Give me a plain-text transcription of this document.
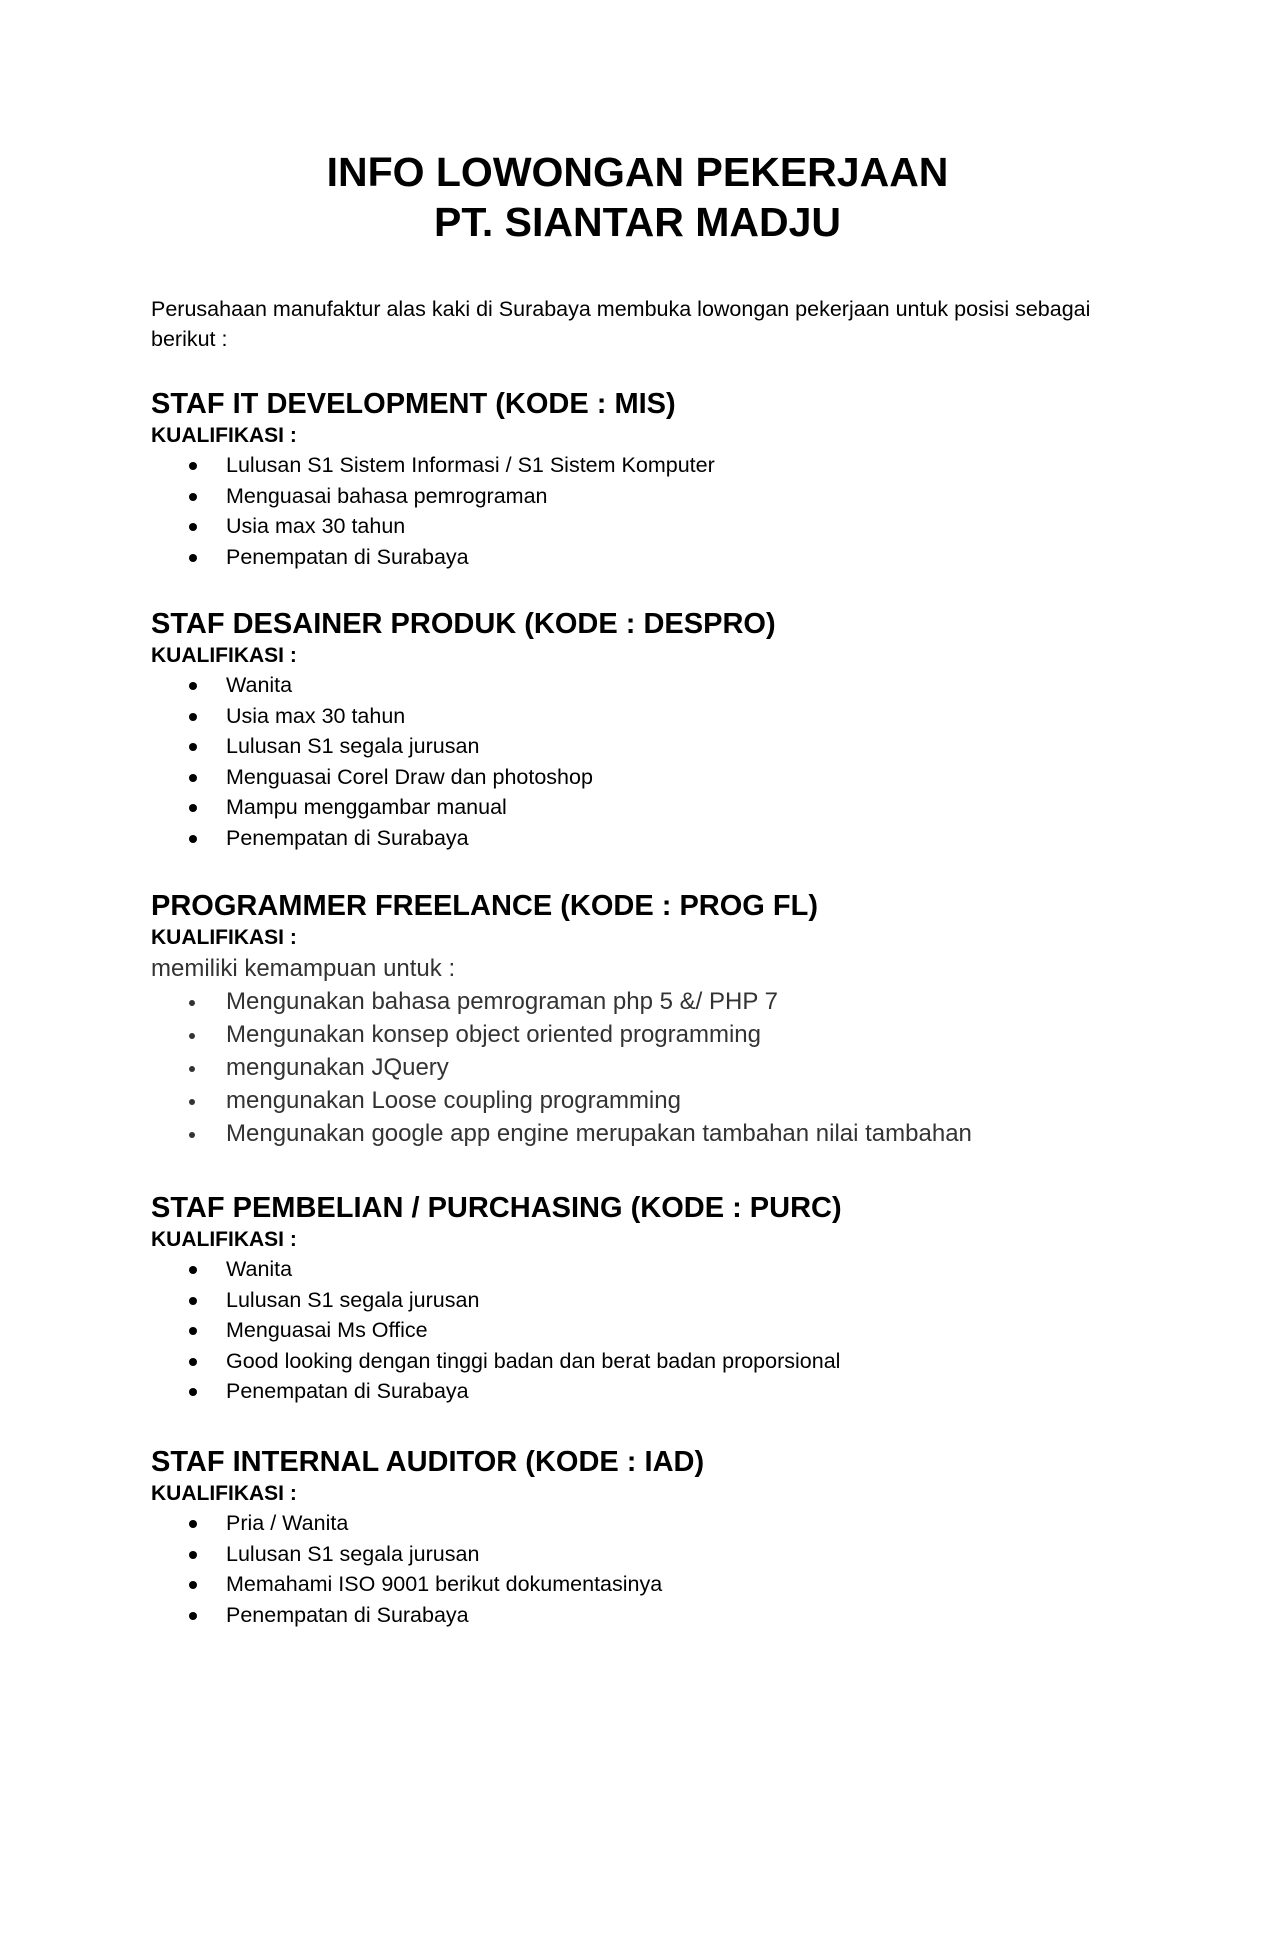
INFO LOWONGAN PEKERJAAN
PT. SIANTAR MADJU

Perusahaan manufaktur alas kaki di Surabaya membuka lowongan pekerjaan untuk posisi sebagai berikut :

STAF IT DEVELOPMENT (KODE : MIS)

KUALIFIKASI :

Lulusan S1 Sistem Informasi / S1 Sistem Komputer
Menguasai bahasa pemrograman
Usia max 30 tahun
Penempatan di Surabaya
STAF DESAINER PRODUK (KODE : DESPRO)

KUALIFIKASI :

Wanita
Usia max 30 tahun
Lulusan S1 segala jurusan
Menguasai Corel Draw dan photoshop
Mampu menggambar manual
Penempatan di Surabaya
PROGRAMMER FREELANCE (KODE : PROG FL)

KUALIFIKASI :

memiliki kemampuan untuk :

Mengunakan bahasa pemrograman php 5 &/ PHP 7
Mengunakan konsep object oriented programming
mengunakan JQuery
mengunakan Loose coupling programming
Mengunakan google app engine merupakan tambahan nilai tambahan
STAF PEMBELIAN / PURCHASING (KODE : PURC)

KUALIFIKASI :

Wanita
Lulusan S1 segala jurusan
Menguasai Ms Office
Good looking dengan tinggi badan dan berat badan proporsional
Penempatan di Surabaya
STAF INTERNAL AUDITOR (KODE : IAD)

KUALIFIKASI :

Pria / Wanita
Lulusan S1 segala jurusan
Memahami ISO 9001 berikut dokumentasinya
Penempatan di Surabaya
